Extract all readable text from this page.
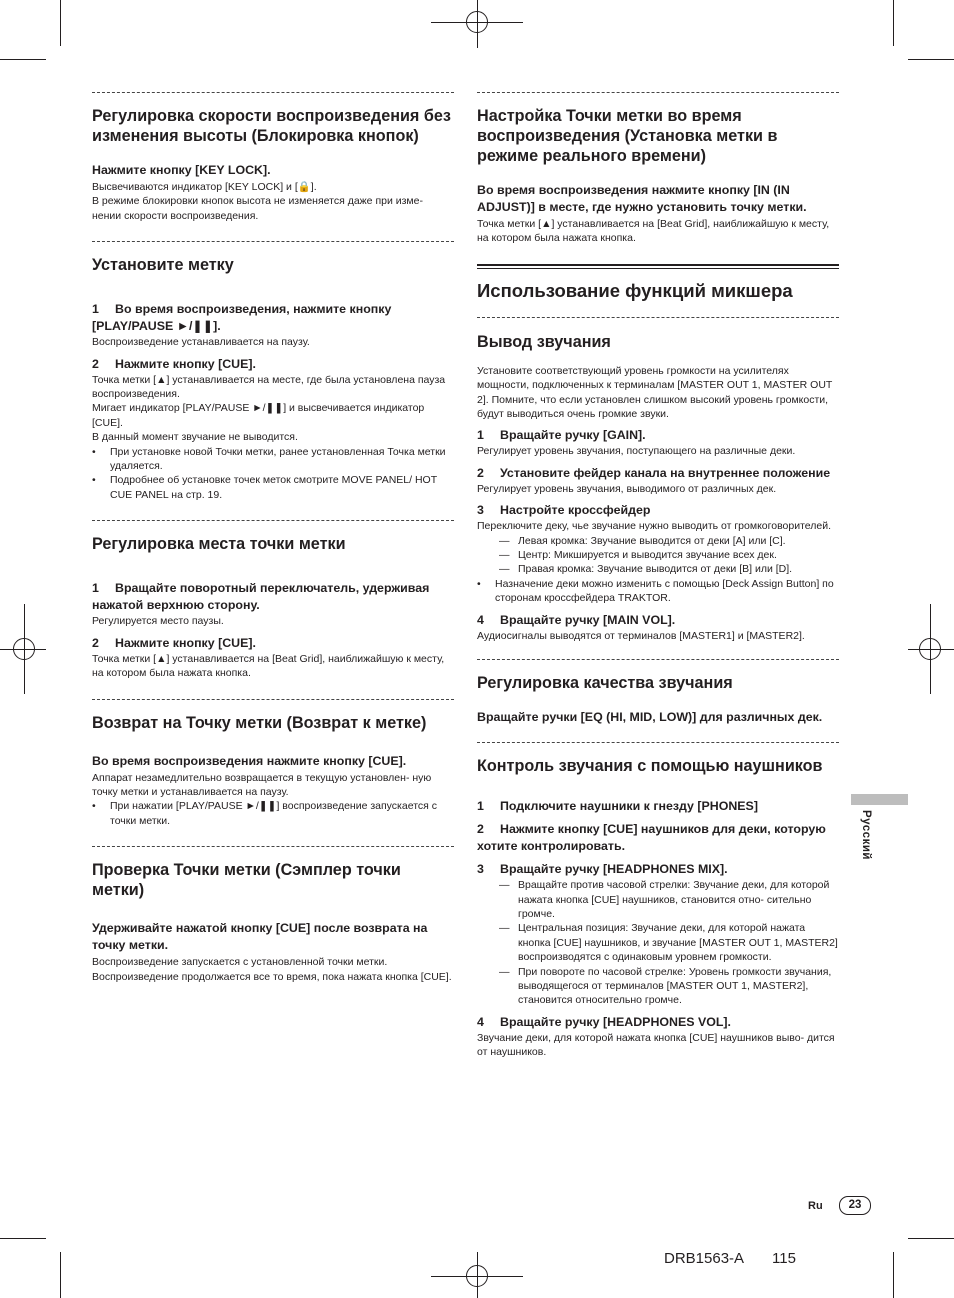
Регулировка скорости воспроизведения без изменения высоты (Блокировка кнопок)
Нажмите кнопку [KEY LOCK].
Высвечиваются индикатор [KEY LOCK] и [🔒].
В режиме блокировки кнопок высота не изменяется даже при изме- нении скорости воспроизведения.
Установите метку
1 Во время воспроизведения, нажмите кнопку [PLAY/PAUSE ►/❚❚].
Воспроизведение устанавливается на паузу.
2 Нажмите кнопку [CUE].
Точка метки [▲] устанавливается на месте, где была установлена пауза воспроизведения.
Мигает индикатор [PLAY/PAUSE ►/❚❚] и высвечивается индикатор [CUE].
В данный момент звучание не выводится.
• При установке новой Точки метки, ранее установленная Точка метки удаляется.
• Подробнее об установке точек меток смотрите MOVE PANEL/ HOT CUE PANEL на стр. 19.
Регулировка места точки метки
1 Вращайте поворотный переключатель, удерживая нажатой верхнюю сторону.
Регулируется место паузы.
2 Нажмите кнопку [CUE].
Точка метки [▲] устанавливается на [Beat Grid], наиближайшую к месту, на котором была нажата кнопка.
Возврат на Точку метки (Возврат к метке)
Во время воспроизведения нажмите кнопку [CUE].
Аппарат незамедлительно возвращается в текущую установлен- ную точку метки и устанавливается на паузу.
• При нажатии [PLAY/PAUSE ►/❚❚] воспроизведение запускается с точки метки.
Проверка Точки метки (Сэмплер точки метки)
Удерживайте нажатой кнопку [CUE] после возврата на точку метки.
Воспроизведение запускается с установленной точки метки.
Воспроизведение продолжается все то время, пока нажата кнопка [CUE].
Настройка Точки метки во время воспроизведения (Установка метки в режиме реального времени)
Во время воспроизведения нажмите кнопку [IN (IN ADJUST)] в месте, где нужно установить точку метки.
Точка метки [▲] устанавливается на [Beat Grid], наиближайшую к месту, на котором была нажата кнопка.
Использование функций микшера
Вывод звучания
Установите соответствующий уровень громкости на усилителях мощности, подключенных к терминалам [MASTER OUT 1, MASTER OUT 2]. Помните, что если установлен слишком высокий уровень громкости, будут выводиться очень громкие звуки.
1 Вращайте ручку [GAIN].
Регулирует уровень звучания, поступающего на различные деки.
2 Установите фейдер канала на внутреннее положение
Регулирует уровень звучания, выводимого от различных дек.
3 Настройте кроссфейдер
Переключите деку, чье звучание нужно выводить от громкоговорителей.
— Левая кромка: Звучание выводится от деки [A] или [C].
— Центр: Микшируется и выводится звучание всех дек.
— Правая кромка: Звучание выводится от деки [B] или [D].
• Назначение деки можно изменить с помощью [Deck Assign Button] по сторонам кроссфейдера TRAKTOR.
4 Вращайте ручку [MAIN VOL].
Аудиосигналы выводятся от терминалов [MASTER1] и [MASTER2].
Регулировка качества звучания
Вращайте ручки [EQ (HI, MID, LOW)] для различных дек.
Контроль звучания с помощью наушников
1 Подключите наушники к гнезду [PHONES]
2 Нажмите кнопку [CUE] наушников для деки, которую хотите контролировать.
3 Вращайте ручку [HEADPHONES MIX].
— Вращайте против часовой стрелки: Звучание деки, для которой нажата кнопка [CUE] наушников, становится отно- сительно громче.
— Центральная позиция: Звучание деки, для которой нажата кнопка [CUE] наушников, и звучание [MASTER OUT 1, MASTER2] воспроизводятся с одинаковым уровнем громкости.
— При повороте по часовой стрелке: Уровень громкости звучания, выводящегося от терминалов [MASTER OUT 1, MASTER2], становится относительно громче.
4 Вращайте ручку [HEADPHONES VOL].
Звучание деки, для которой нажата кнопка [CUE] наушников выво- дится от наушников.
Русский
Ru	23
DRB1563-A 115
